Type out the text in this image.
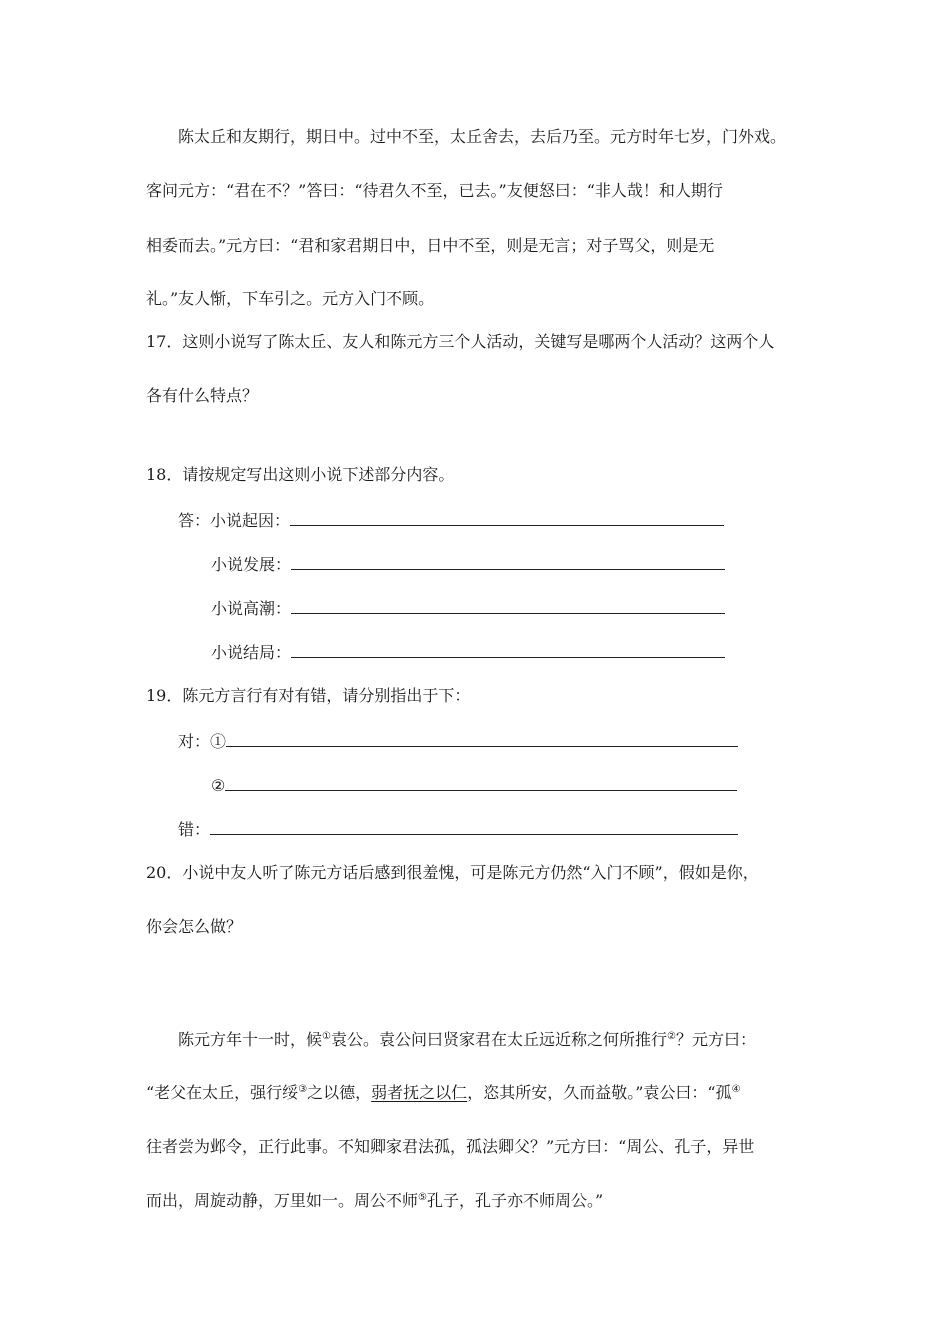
陈太丘和友期行，期日中。过中不至，太丘舍去，去后乃至。元方时年七岁，门外戏。
客问元方：“君在不？”答曰：“待君久不至，已去。”友便怒曰：“非人哉！和人期行
相委而去。”元方曰：“君和家君期日中，日中不至，则是无言；对子骂父，则是无
礼。”友人惭，下车引之。元方入门不顾。
17．这则小说写了陈太丘、友人和陈元方三个人活动，关键写是哪两个人活动？这两个人
各有什么特点？
18．请按规定写出这则小说下述部分内容。
答：小说起因：
小说发展：
小说高潮：
小说结局：
19．陈元方言行有对有错，请分别指出于下：
对：①
②
错：
20．小说中友人听了陈元方话后感到很羞愧，可是陈元方仍然“入门不顾”，假如是你，
你会怎么做？
陈元方年十一时，候①袁公。袁公问曰贤家君在太丘远近称之何所推行②？元方曰：
“老父在太丘，强行绥③之以德，弱者抚之以仁，恣其所安，久而益敬。”袁公曰：“孤④
往者尝为邺令，正行此事。不知卿家君法孤，孤法卿父？”元方曰：“周公、孔子，异世
而出，周旋动静，万里如一。周公不师⑤孔子，孔子亦不师周公。”
